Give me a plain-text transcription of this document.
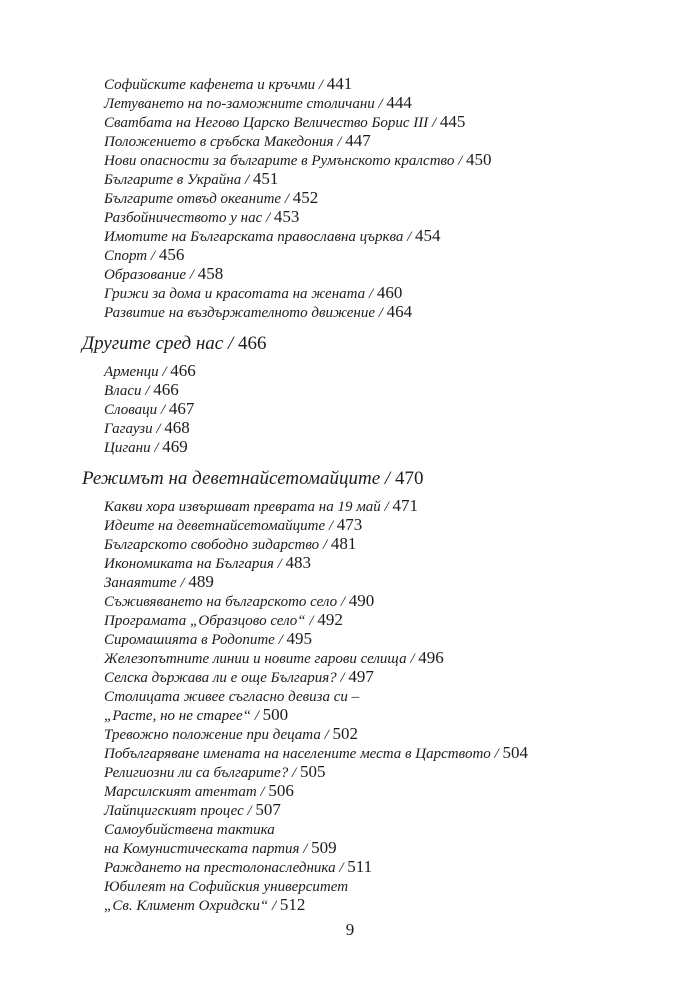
Софийските кафенета и кръчми / 441
Летуването на по-заможните столичани / 444
Сватбата на Негово Царско Величество Борис III / 445
Положението в сръбска Македония / 447
Нови опасности за българите в Румънското кралство / 450
Българите в Украйна / 451
Българите отвъд океаните / 452
Разбойничеството у нас / 453
Имотите на Българската православна църква / 454
Спорт / 456
Образование / 458
Грижи за дома и красотата на жената / 460
Развитие на въздържателното движение / 464
Другите сред нас / 466
Арменци / 466
Власи / 466
Словаци / 467
Гагаузи / 468
Цигани / 469
Режимът на деветнайсетомайците / 470
Какви хора извършват превратa на 19 май / 471
Идеите на деветнайсетомайците / 473
Българското свободно зидарство / 481
Икономиката на България / 483
Занаятите / 489
Съживяването на българското село / 490
Програмата „Образцово село“ / 492
Сиромашията в Родопите / 495
Железопътните линии и новите гарови селища / 496
Селска държава ли е още България? / 497
Столицата живее съгласно девиза си –
„Расте, но не старее“ / 500
Тревожно положение при децата / 502
Побългаряване имената на населените места в Царството / 504
Религиозни ли са българите? / 505
Марсилският атентат / 506
Лайпцигският процес / 507
Самоубийствена тактика
на Комунистическата партия / 509
Раждането на престолонаследника / 511
Юбилеят на Софийския университет
„Св. Климент Охридски“ / 512
9
